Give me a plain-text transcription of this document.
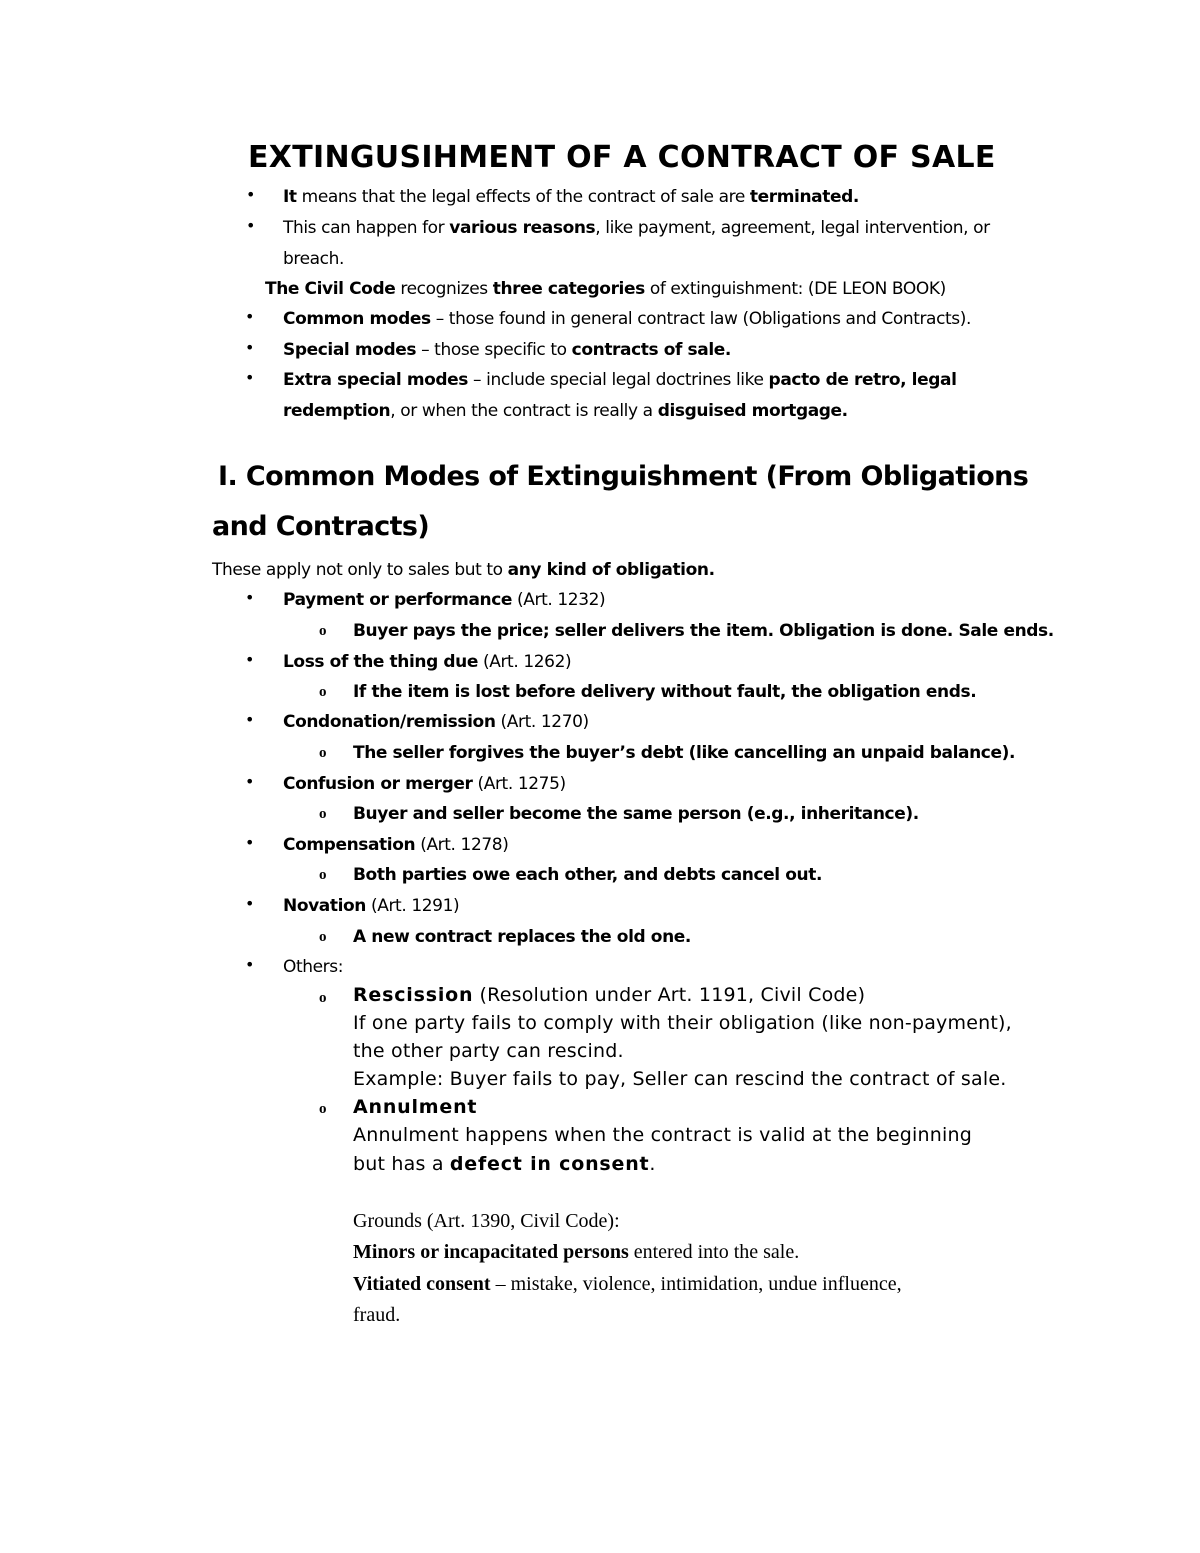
EXTINGUSIHMENT OF A CONTRACT OF SALE
• It means that the legal effects of the contract of sale are terminated.
• This can happen for various reasons, like payment, agreement, legal intervention, or
breach.
The Civil Code recognizes three categories of extinguishment: (DE LEON BOOK)
• Common modes – those found in general contract law (Obligations and Contracts).
• Special modes – those specific to contracts of sale.
• Extra special modes – include special legal doctrines like pacto de retro, legal
redemption, or when the contract is really a disguised mortgage.
I. Common Modes of Extinguishment (From Obligations
and Contracts)
These apply not only to sales but to any kind of obligation.
• Payment or performance (Art. 1232)
o Buyer pays the price; seller delivers the item. Obligation is done. Sale ends.
• Loss of the thing due (Art. 1262)
o If the item is lost before delivery without fault, the obligation ends.
• Condonation/remission (Art. 1270)
o The seller forgives the buyer’s debt (like cancelling an unpaid balance).
• Confusion or merger (Art. 1275)
o Buyer and seller become the same person (e.g., inheritance).
• Compensation (Art. 1278)
o Both parties owe each other, and debts cancel out.
• Novation (Art. 1291)
o A new contract replaces the old one.
• Others:
o Rescission (Resolution under Art. 1191, Civil Code)
If one party fails to comply with their obligation (like non-payment),
the other party can rescind.
Example: Buyer fails to pay, Seller can rescind the contract of sale.
o Annulment
Annulment happens when the contract is valid at the beginning
but has a defect in consent.
Grounds (Art. 1390, Civil Code):
Minors or incapacitated persons entered into the sale.
Vitiated consent – mistake, violence, intimidation, undue influence,
fraud.
